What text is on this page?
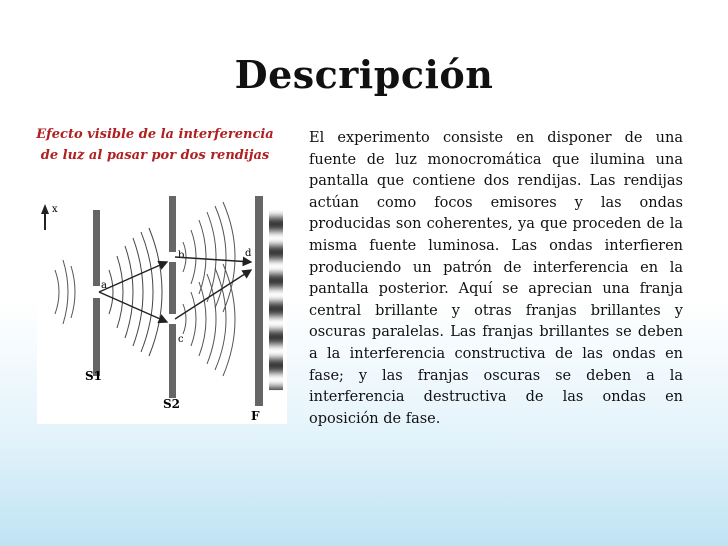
Descripción
Efecto visible de la interferencia de luz al pasar por dos rendijas
x
a
S1
b
c
S2
d
F
El experimento consiste en disponer de una fuente de luz monocromática que ilumina una pantalla que contiene dos rendijas. Las rendijas actúan como focos emisores y las ondas producidas son coherentes, ya que proceden de la misma fuente luminosa. Las ondas interfieren produciendo un patrón de interferencia en la pantalla posterior. Aquí se aprecian una franja central brillante y otras franjas brillantes y oscuras paralelas. Las franjas brillantes se deben a la interferencia constructiva de las ondas en fase; y las franjas oscuras se deben a la interferencia destructiva de las ondas en oposición de fase.
